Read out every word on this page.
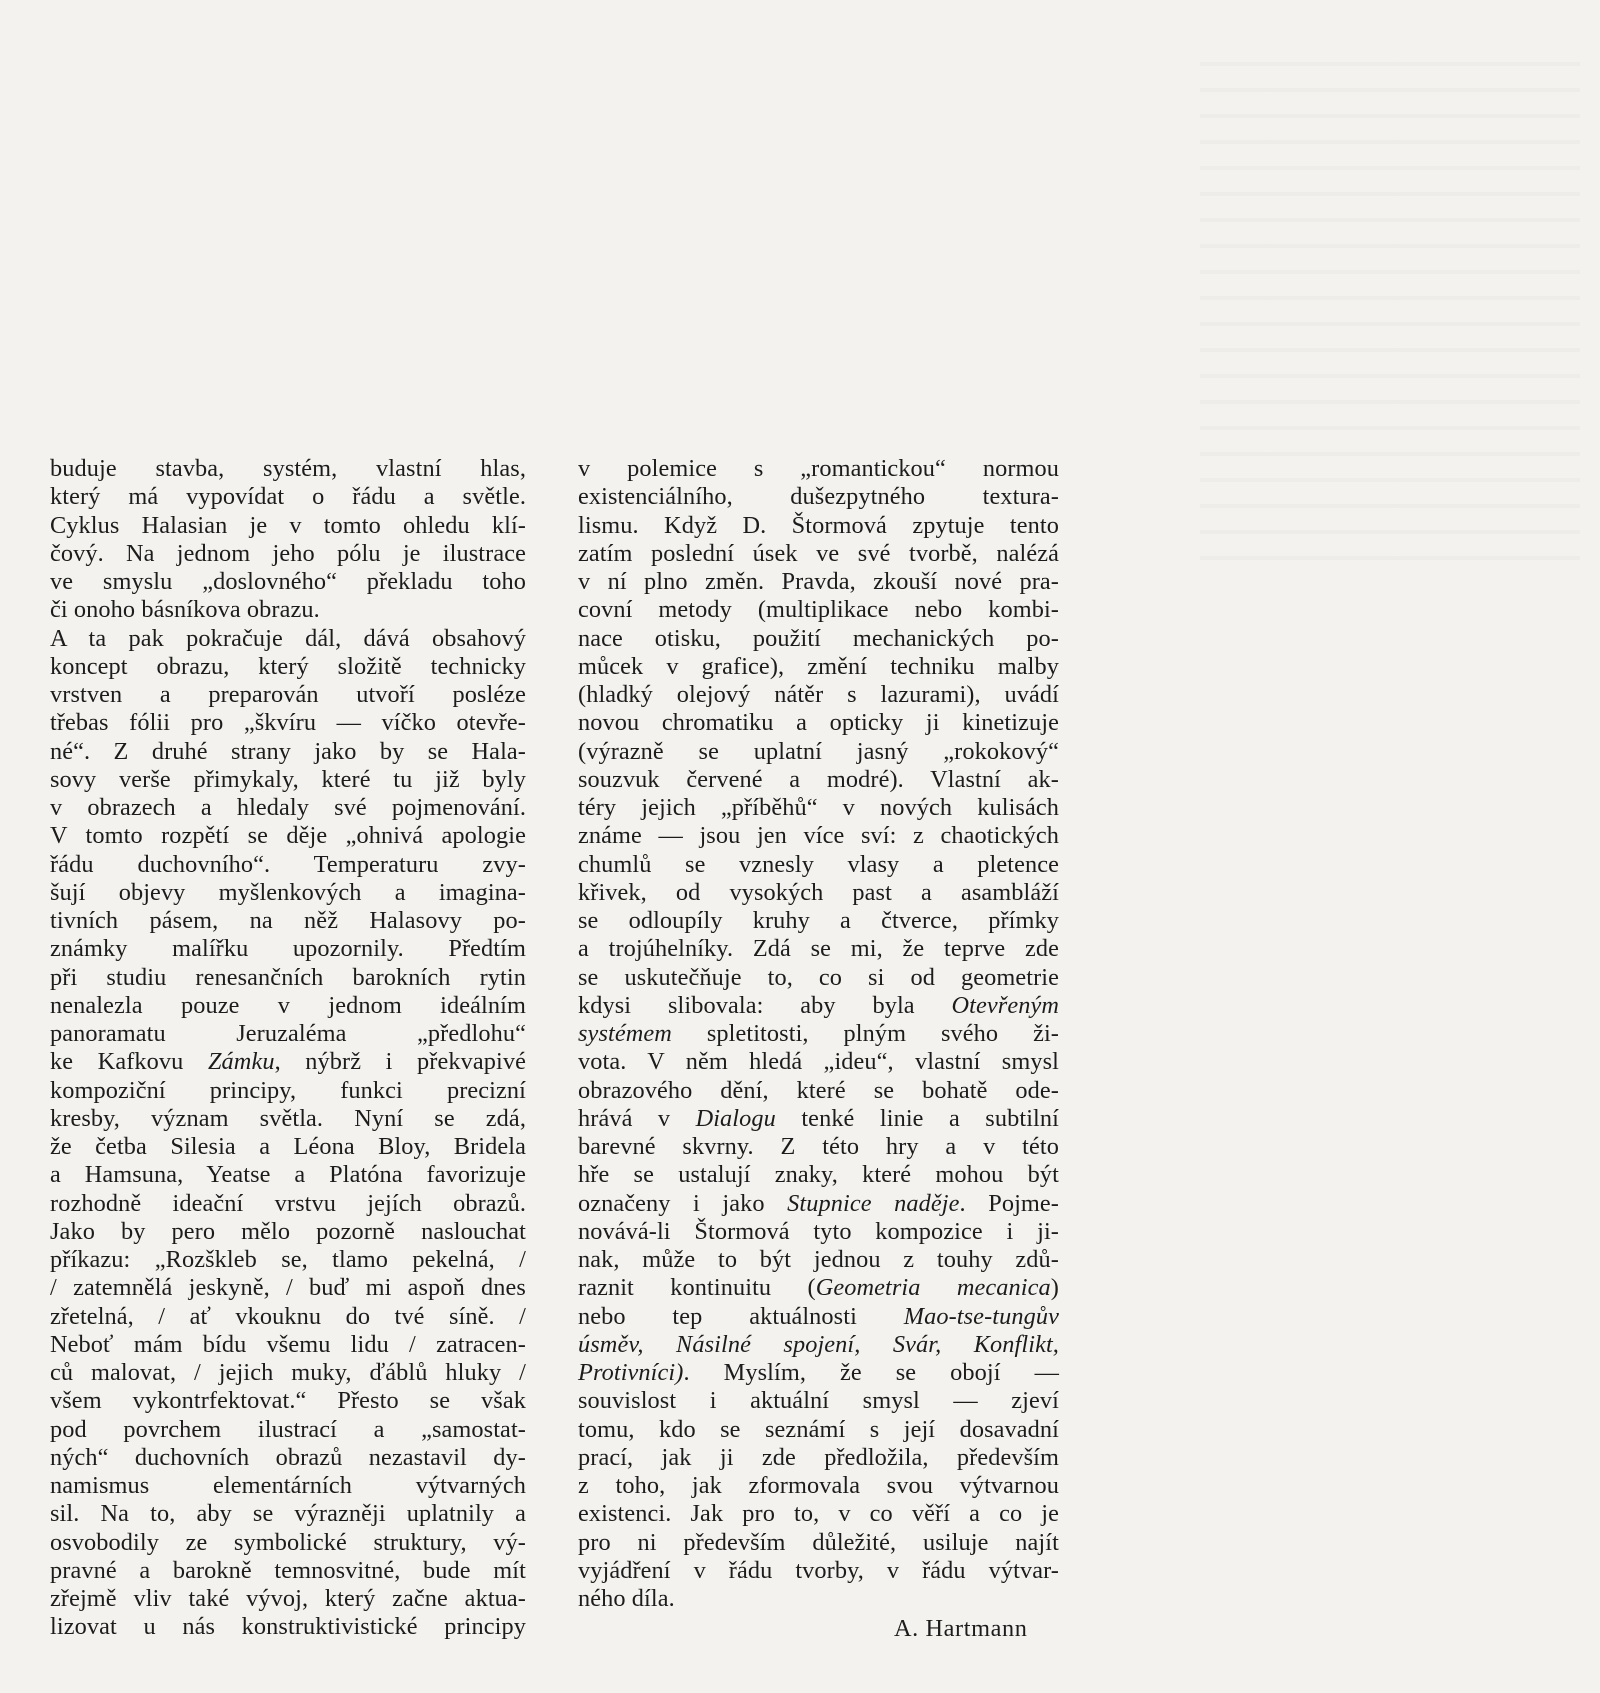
buduje stavba, systém, vlastní hlas,
který má vypovídat o řádu a světle.
Cyklus Halasian je v tomto ohledu klí-
čový. Na jednom jeho pólu je ilustrace
ve smyslu „doslovného“ překladu toho
či onoho básníkova obrazu.
A ta pak pokračuje dál, dává obsahový
koncept obrazu, který složitě technicky
vrstven a preparován utvoří posléze
třebas fólii pro „škvíru — víčko otevře-
né“. Z druhé strany jako by se Hala-
sovy verše přimykaly, které tu již byly
v obrazech a hledaly své pojmenování.
V tomto rozpětí se děje „ohnivá apologie
řádu duchovního“. Temperaturu zvy-
šují objevy myšlenkových a imagina-
tivních pásem, na něž Halasovy po-
známky malířku upozornily. Předtím
při studiu renesančních barokních rytin
nenalezla pouze v jednom ideálním
panoramatu Jeruzaléma „předlohu“
ke Kafkovu Zámku, nýbrž i překvapivé
kompoziční principy, funkci precizní
kresby, význam světla. Nyní se zdá,
že četba Silesia a Léona Bloy, Bridela
a Hamsuna, Yeatse a Platóna favorizuje
rozhodně ideační vrstvu jejích obrazů.
Jako by pero mělo pozorně naslouchat
příkazu: „Rozškleb se, tlamo pekelná, /
/ zatemnělá jeskyně, / buď mi aspoň dnes
zřetelná, / ať vkouknu do tvé síně. /
Neboť mám bídu všemu lidu / zatracen-
ců malovat, / jejich muky, ďáblů hluky /
všem vykontrfektovat.“ Přesto se však
pod povrchem ilustrací a „samostat-
ných“ duchovních obrazů nezastavil dy-
namismus elementárních výtvarných
sil. Na to, aby se výrazněji uplatnily a
osvobodily ze symbolické struktury, vý-
pravné a barokně temnosvitné, bude mít
zřejmě vliv také vývoj, který začne aktua-
lizovat u nás konstruktivistické principy
v polemice s „romantickou“ normou
existenciálního, dušezpytného textura-
lismu. Když D. Štormová zpytuje tento
zatím poslední úsek ve své tvorbě, nalézá
v ní plno změn. Pravda, zkouší nové pra-
covní metody (multiplikace nebo kombi-
nace otisku, použití mechanických po-
můcek v grafice), změní techniku malby
(hladký olejový nátěr s lazurami), uvádí
novou chromatiku a opticky ji kinetizuje
(výrazně se uplatní jasný „rokokový“
souzvuk červené a modré). Vlastní ak-
téry jejich „příběhů“ v nových kulisách
známe — jsou jen více sví: z chaotických
chumlů se vznesly vlasy a pletence
křivek, od vysokých past a asambláží
se odloupíly kruhy a čtverce, přímky
a trojúhelníky. Zdá se mi, že teprve zde
se uskutečňuje to, co si od geometrie
kdysi slibovala: aby byla Otevřeným
systémem spletitosti, plným svého ži-
vota. V něm hledá „ideu“, vlastní smysl
obrazového dění, které se bohatě ode-
hrává v Dialogu tenké linie a subtilní
barevné skvrny. Z této hry a v této
hře se ustalují znaky, které mohou být
označeny i jako Stupnice naděje. Pojme-
novává-li Štormová tyto kompozice i ji-
nak, může to být jednou z touhy zdů-
raznit kontinuitu (Geometria mecanica)
nebo tep aktuálnosti Mao-tse-tungův
úsměv, Násilné spojení, Svár, Konflikt,
Protivníci). Myslím, že se obojí —
souvislost i aktuální smysl — zjeví
tomu, kdo se seznámí s její dosavadní
prací, jak ji zde předložila, především
z toho, jak zformovala svou výtvarnou
existenci. Jak pro to, v co věří a co je
pro ni především důležité, usiluje najít
vyjádření v řádu tvorby, v řádu výtvar-
ného díla.
A. Hartmann
